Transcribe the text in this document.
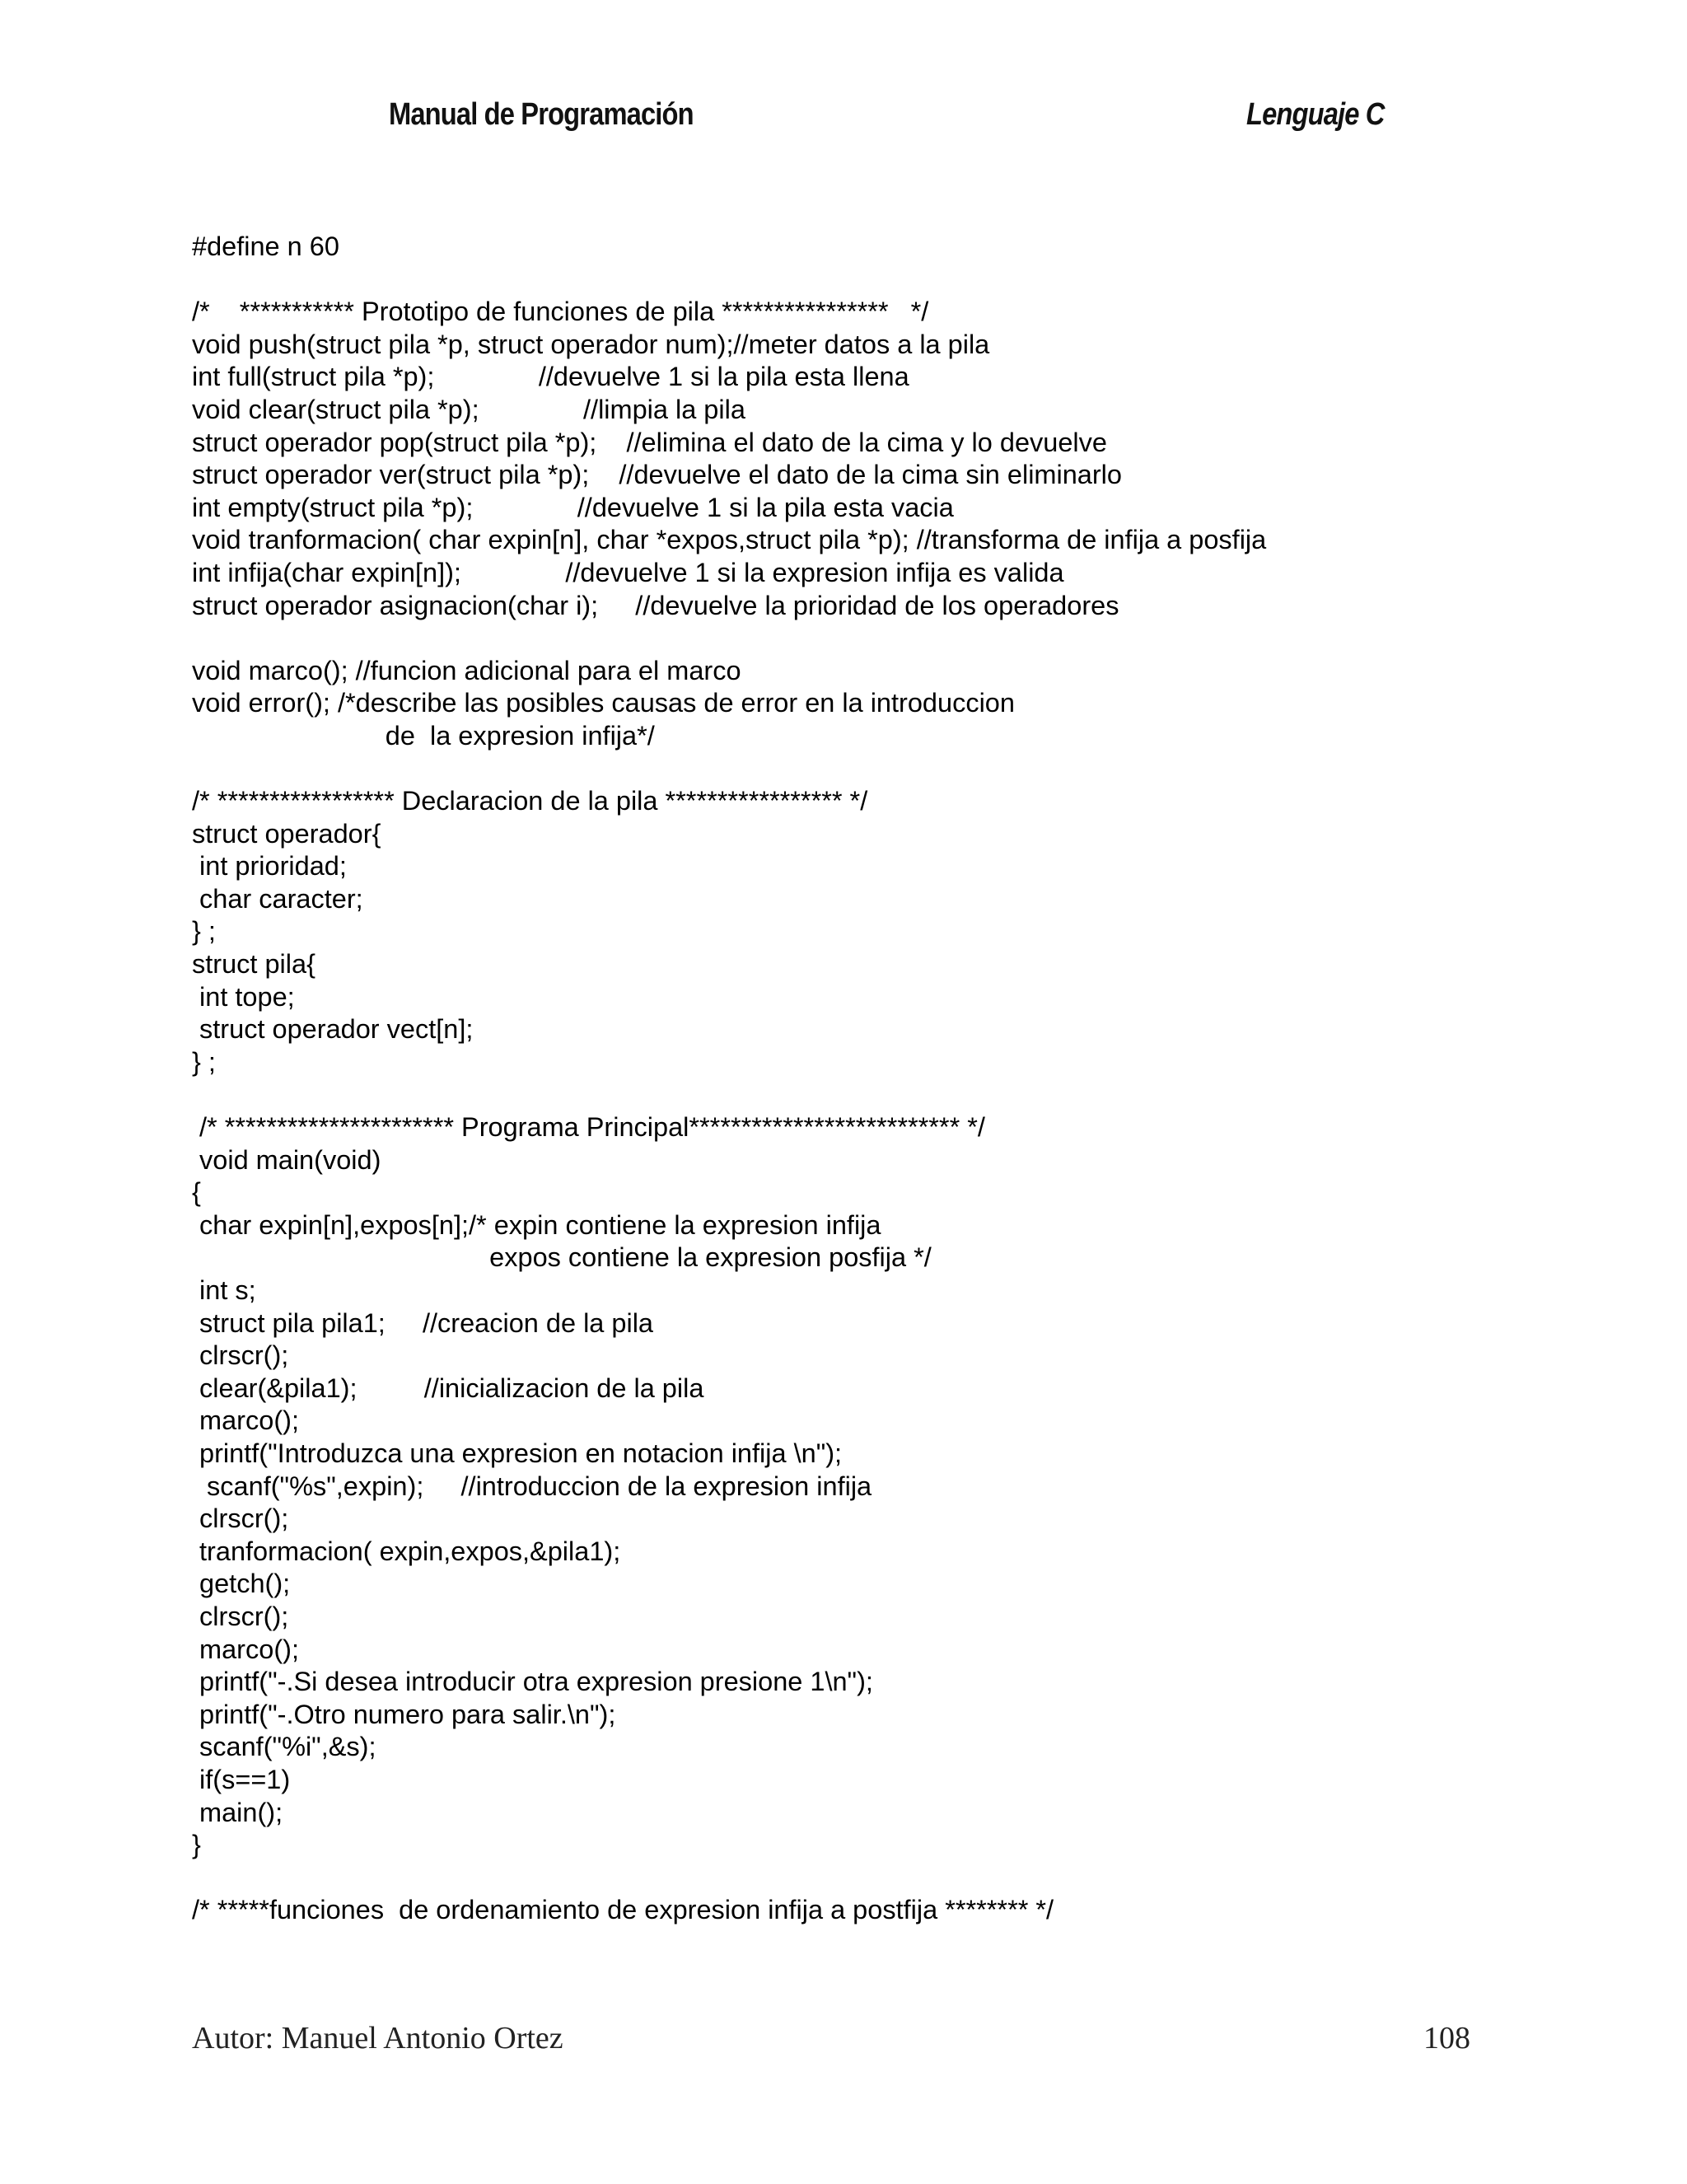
Manual de Programación	Lenguaje C
#define n 60
/*    *********** Prototipo de funciones de pila ****************   */
void push(struct pila *p, struct operador num);//meter datos a la pila
int full(struct pila *p);              //devuelve 1 si la pila esta llena
void clear(struct pila *p);              //limpia la pila
struct operador pop(struct pila *p);    //elimina el dato de la cima y lo devuelve
struct operador ver(struct pila *p);    //devuelve el dato de la cima sin eliminarlo
int empty(struct pila *p);              //devuelve 1 si la pila esta vacia
void tranformacion( char expin[n], char *expos,struct pila *p); //transforma de infija a posfija
int infija(char expin[n]);              //devuelve 1 si la expresion infija es valida
struct operador asignacion(char i);     //devuelve la prioridad de los operadores
void marco(); //funcion adicional para el marco
void error(); /*describe las posibles causas de error en la introduccion
de  la expresion infija*/
/* ***************** Declaracion de la pila ***************** */
struct operador{
int prioridad;
char caracter;
} ;
struct pila{
int tope;
struct operador vect[n];
} ;
/* ********************** Programa Principal************************** */
void main(void)
{
char expin[n],expos[n];/* expin contiene la expresion infija
expos contiene la expresion posfija */
int s;
struct pila pila1;     //creacion de la pila
clrscr();
clear(&pila1);         //inicializacion de la pila
marco();
printf("Introduzca una expresion en notacion infija \n");
scanf("%s",expin);     //introduccion de la expresion infija
clrscr();
tranformacion( expin,expos,&pila1);
getch();
clrscr();
marco();
printf("-.Si desea introducir otra expresion presione 1\n");
printf("-.Otro numero para salir.\n");
scanf("%i",&s);
if(s==1)
main();
}
/* *****funciones  de ordenamiento de expresion infija a postfija ******** */
Autor: Manuel Antonio Ortez	108
